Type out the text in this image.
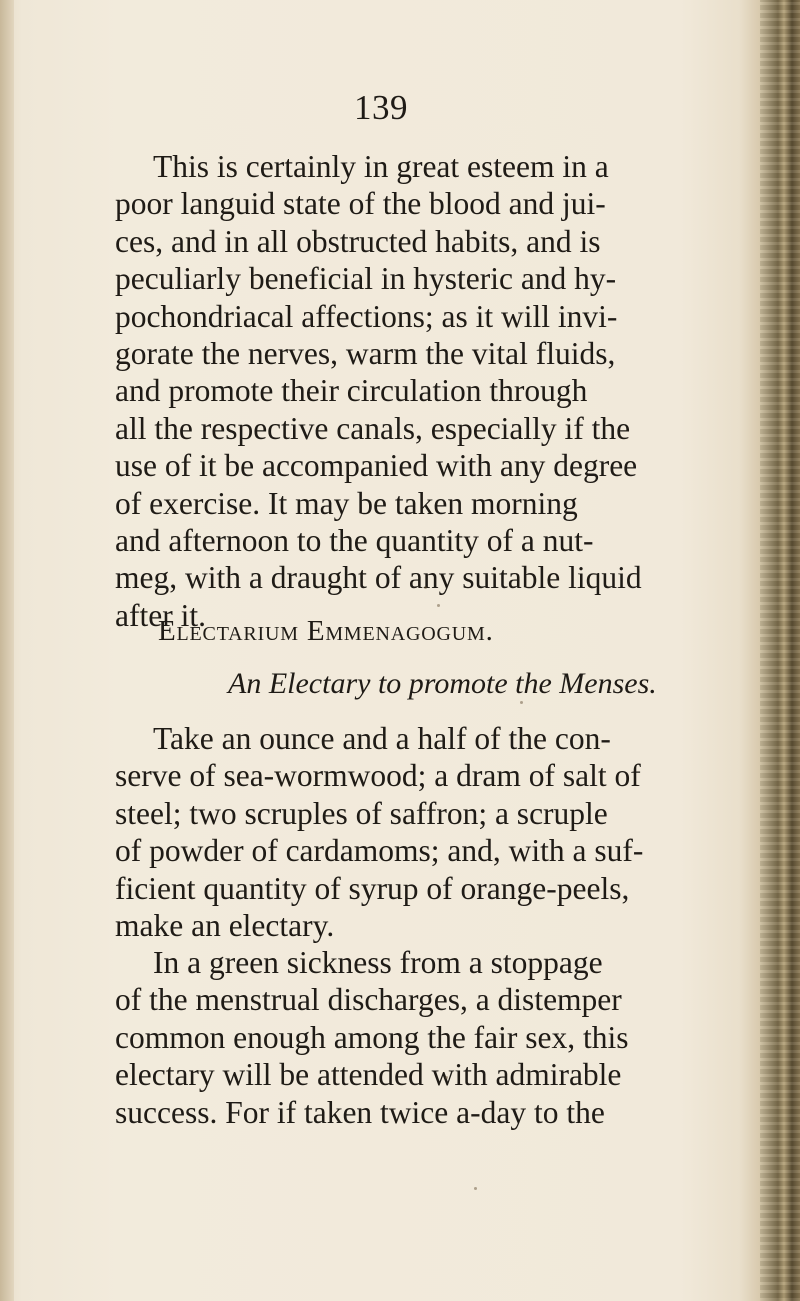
139
This is certainly in great esteem in a
poor languid state of the blood and jui-
ces, and in all obstructed habits, and is
peculiarly beneficial in hysteric and hy-
pochondriacal affections; as it will invi-
gorate the nerves, warm the vital fluids,
and promote their circulation through
all the respective canals, especially if the
use of it be accompanied with any degree
of exercise. It may be taken morning
and afternoon to the quantity of a nut-
meg, with a draught of any suitable liquid
after it.
Electarium Emmenagogum.
An Electary to promote the Menses.
Take an ounce and a half of the con-
serve of sea-wormwood; a dram of salt of
steel; two scruples of saffron; a scruple
of powder of cardamoms; and, with a suf-
ficient quantity of syrup of orange-peels,
make an electary.
In a green sickness from a stoppage
of the menstrual discharges, a distemper
common enough among the fair sex, this
electary will be attended with admirable
success. For if taken twice a-day to the
